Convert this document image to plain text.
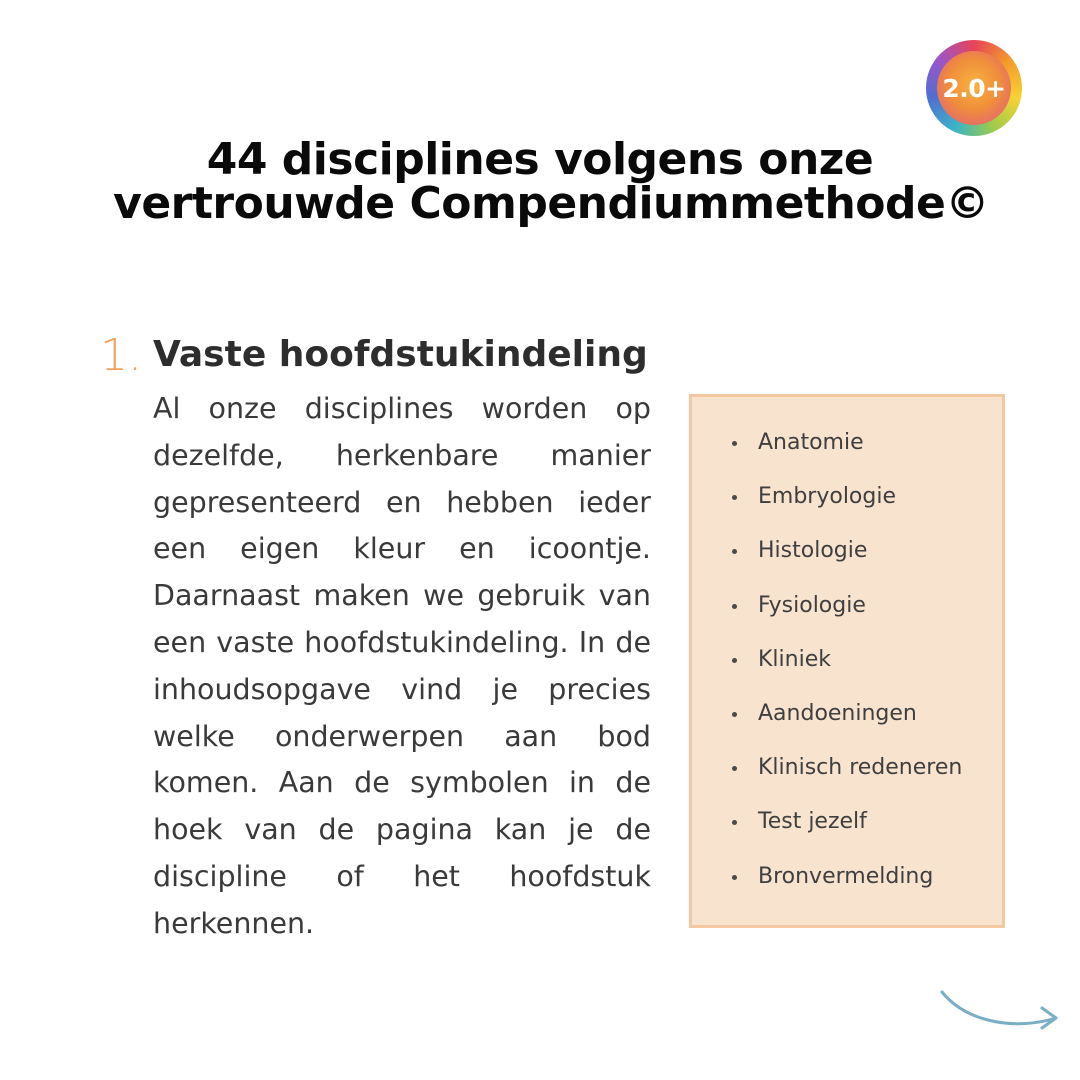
2.0+
44 disciplines volgens onze
vertrouwde Compendiummethode©
1. Vaste hoofdstukindeling

Al onze disciplines worden op dezelfde, herkenbare manier gepresenteerd en hebben ieder een eigen kleur en icoontje. Daarnaast maken we gebruik van een vaste hoofdstukindeling. In de inhoudsopgave vind je precies welke onderwerpen aan bod komen. Aan de symbolen in de hoek van de pagina kan je de discipline of het hoofdstuk herkennen.

Anatomie
Embryologie
Histologie
Fysiologie
Kliniek
Aandoeningen
Klinisch redeneren
Test jezelf
Bronvermelding
